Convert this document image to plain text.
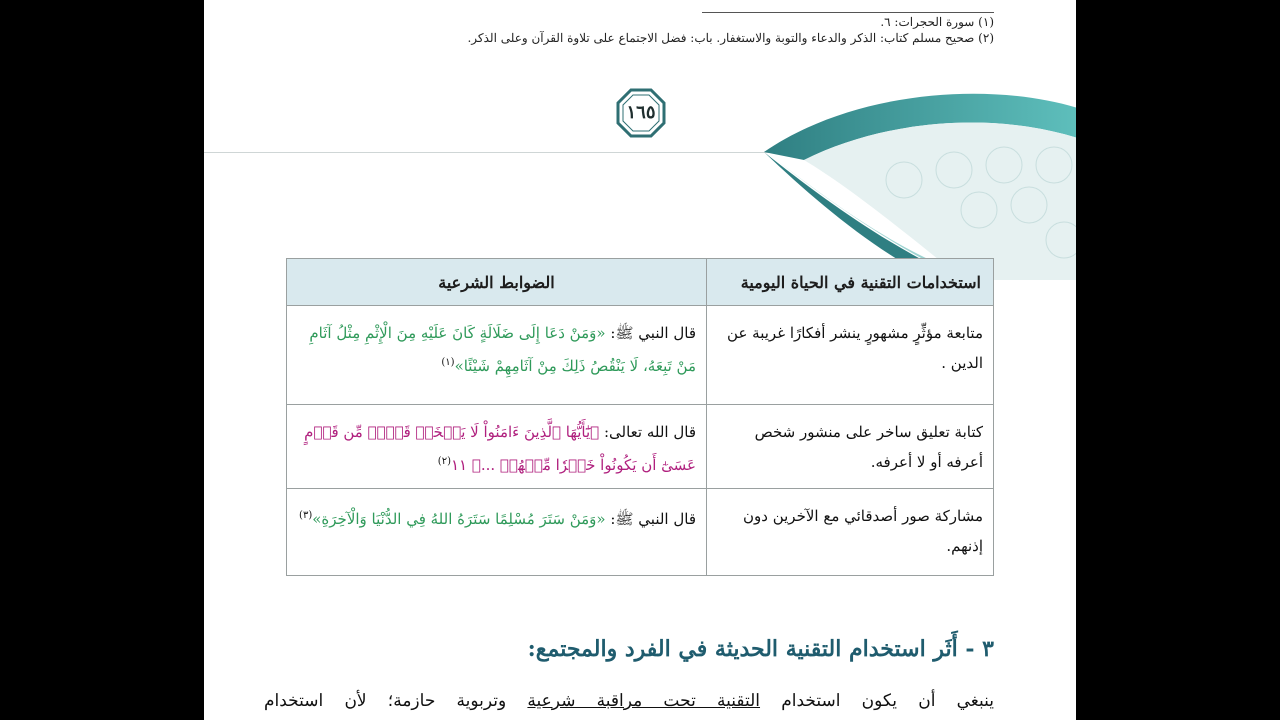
(١) سورة الحجرات: ٦.
(٢) صحيح مسلم كتاب: الذكر والدعاء والتوبة والاستغفار. باب: فضل الاجتماع على تلاوة القرآن وعلى الذكر.
١٦٥
استخدامات التقنية في الحياة اليومية	الضوابط الشرعية
متابعة مؤثِّرٍ مشهورٍ ينشر أفكارًا غريبة عن الدين .	قال النبي ﷺ: «وَمَنْ دَعَا إِلَى ضَلَالَةٍ كَانَ عَلَيْهِ مِنَ الْإِثْمِ مِثْلُ آثَامِ مَنْ تَبِعَهُ، لَا يَنْقُصُ ذَلِكَ مِنْ آثَامِهِمْ شَيْئًا»$^{(١)}$
كتابة تعليق ساخر على منشور شخص أعرفه أو لا أعرفه.	قال الله تعالى: ﴿يَٰٓأَيُّهَا ٱلَّذِينَ ءَامَنُواْ لَا يَسۡخَرۡ قَوۡمٞ مِّن قَوۡمٍ عَسَىٰٓ أَن يَكُونُواْ خَيۡرٗا مِّنۡهُمۡ ...﴾ ١١$^{(٢)}$
مشاركة صور أصدقائي مع الآخرين دون إذنهم.	قال النبي ﷺ: «وَمَنْ سَتَرَ مُسْلِمًا سَتَرَهُ اللهُ فِي الدُّنْيَا وَالْآخِرَةِ»$^{(٣)}$
٣ - أَثَر استخدام التقنية الحديثة في الفرد والمجتمع:
ينبغي أن يكون استخدام التقنية تحت مراقبة شرعية وتربوية حازمة؛ لأن استخدام
